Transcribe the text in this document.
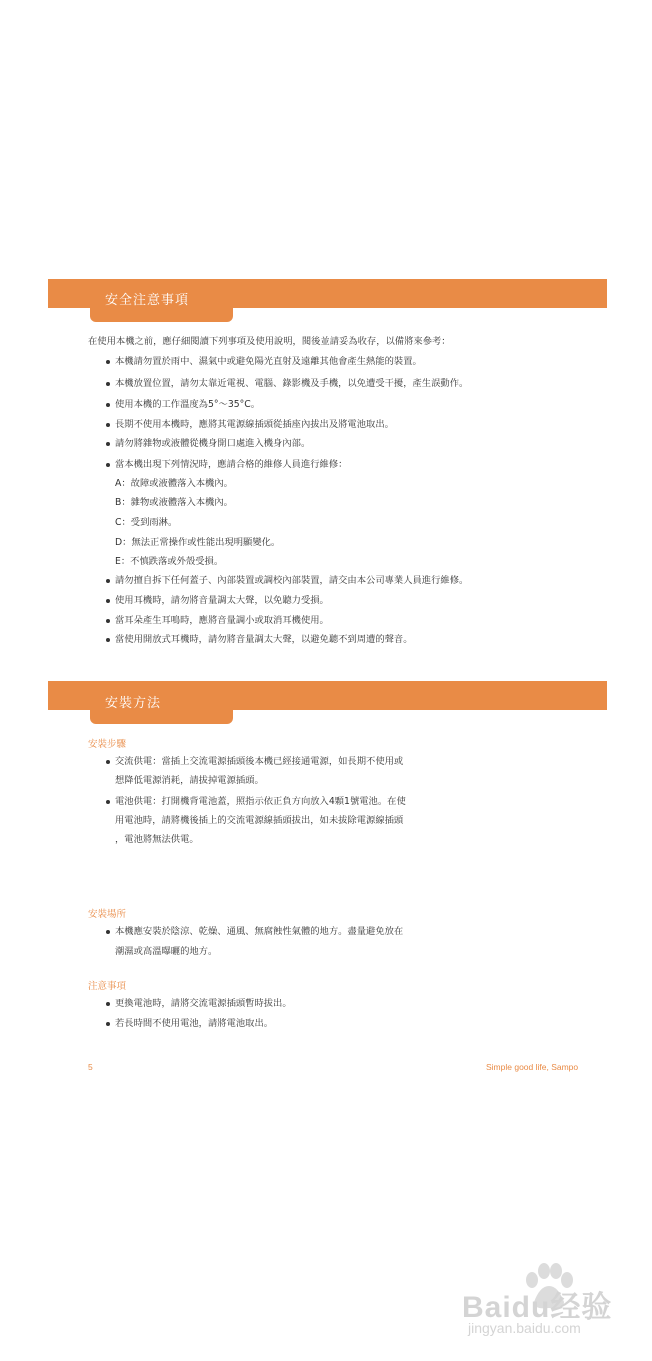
安全注意事項
在使用本機之前，應仔細閱讀下列事項及使用說明，閱後並請妥為收存，以備將來參考：
本機請勿置於雨中、濕氣中或避免陽光直射及遠離其他會產生熱能的裝置。
本機放置位置，請勿太靠近電視、電腦、錄影機及手機，以免遭受干擾，產生誤動作。
使用本機的工作溫度為5°～35°C。
長期不使用本機時，應將其電源線插頭從插座內拔出及將電池取出。
請勿將雜物或液體從機身開口處進入機身內部。
當本機出現下列情況時，應請合格的維修人員進行維修：
A：故障或液體落入本機內。
B：雜物或液體落入本機內。
C：受到雨淋。
D：無法正常操作或性能出現明顯變化。
E：不慎跌落或外殼受損。
請勿擅自拆下任何蓋子、內部裝置或調校內部裝置，請交由本公司專業人員進行維修。
使用耳機時，請勿將音量調太大聲，以免聽力受損。
當耳朵產生耳鳴時，應將音量調小或取消耳機使用。
當使用開放式耳機時，請勿將音量調太大聲，以避免聽不到周遭的聲音。
安裝方法
安裝步驟
交流供電：當插上交流電源插頭後本機已經接通電源，如長期不使用或
想降低電源消耗，請拔掉電源插頭。
電池供電：打開機背電池蓋，照指示依正負方向放入4顆1號電池。在使
用電池時，請將機後插上的交流電源線插頭拔出，如未拔除電源線插頭
，電池將無法供電。
安裝場所
本機應安裝於陰涼、乾燥、通風、無腐蝕性氣體的地方。盡量避免放在
潮濕或高溫曝曬的地方。
注意事項
更換電池時，請將交流電源插頭暫時拔出。
若長時間不使用電池，請將電池取出。
5	Simple good life, Sampo
Baidu经验
jingyan.baidu.com
